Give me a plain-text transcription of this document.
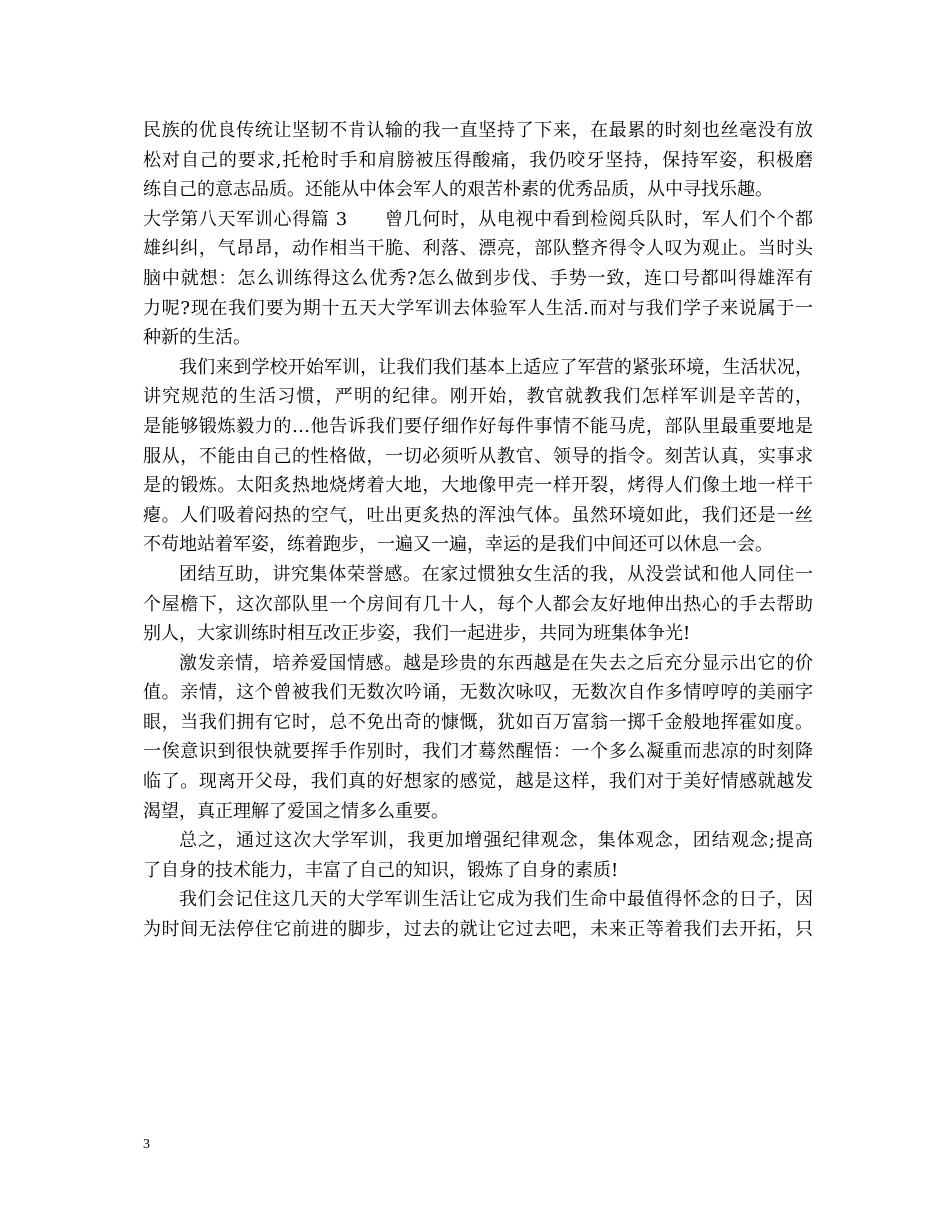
民族的优良传统让坚韧不肯认输的我一直坚持了下来，在最累的时刻也丝毫没有放
松对自己的要求,托枪时手和肩膀被压得酸痛，我仍咬牙坚持，保持军姿，积极磨
练自己的意志品质。还能从中体会军人的艰苦朴素的优秀品质，从中寻找乐趣。
大学第八天军训心得篇 3　　曾几何时，从电视中看到检阅兵队时，军人们个个都
雄纠纠，气昂昂，动作相当干脆、利落、漂亮，部队整齐得令人叹为观止。当时头
脑中就想：怎么训练得这么优秀?怎么做到步伐、手势一致，连口号都叫得雄浑有
力呢?现在我们要为期十五天大学军训去体验军人生活.而对与我们学子来说属于一
种新的生活。
我们来到学校开始军训，让我们我们基本上适应了军营的紧张环境，生活状况，
讲究规范的生活习惯，严明的纪律。刚开始，教官就教我们怎样军训是辛苦的，
是能够锻炼毅力的…他告诉我们要仔细作好每件事情不能马虎，部队里最重要地是
服从，不能由自己的性格做，一切必须听从教官、领导的指令。刻苦认真，实事求
是的锻炼。太阳炙热地烧烤着大地，大地像甲壳一样开裂，烤得人们像土地一样干
瘪。人们吸着闷热的空气，吐出更炙热的浑浊气体。虽然环境如此，我们还是一丝
不苟地站着军姿，练着跑步，一遍又一遍，幸运的是我们中间还可以休息一会。
团结互助，讲究集体荣誉感。在家过惯独女生活的我，从没尝试和他人同住一
个屋檐下，这次部队里一个房间有几十人，每个人都会友好地伸出热心的手去帮助
别人，大家训练时相互改正步姿，我们一起进步，共同为班集体争光!
激发亲情，培养爱国情感。越是珍贵的东西越是在失去之后充分显示出它的价
值。亲情，这个曾被我们无数次吟诵，无数次咏叹，无数次自作多情哼哼的美丽字
眼，当我们拥有它时，总不免出奇的慷慨，犹如百万富翁一掷千金般地挥霍如度。
一俟意识到很快就要挥手作别时，我们才蓦然醒悟：一个多么凝重而悲凉的时刻降
临了。现离开父母，我们真的好想家的感觉，越是这样，我们对于美好情感就越发
渴望，真正理解了爱国之情多么重要。
总之，通过这次大学军训，我更加增强纪律观念，集体观念，团结观念;提高
了自身的技术能力，丰富了自己的知识，锻炼了自身的素质!
我们会记住这几天的大学军训生活让它成为我们生命中最值得怀念的日子，因
为时间无法停住它前进的脚步，过去的就让它过去吧，未来正等着我们去开拓，只
3
